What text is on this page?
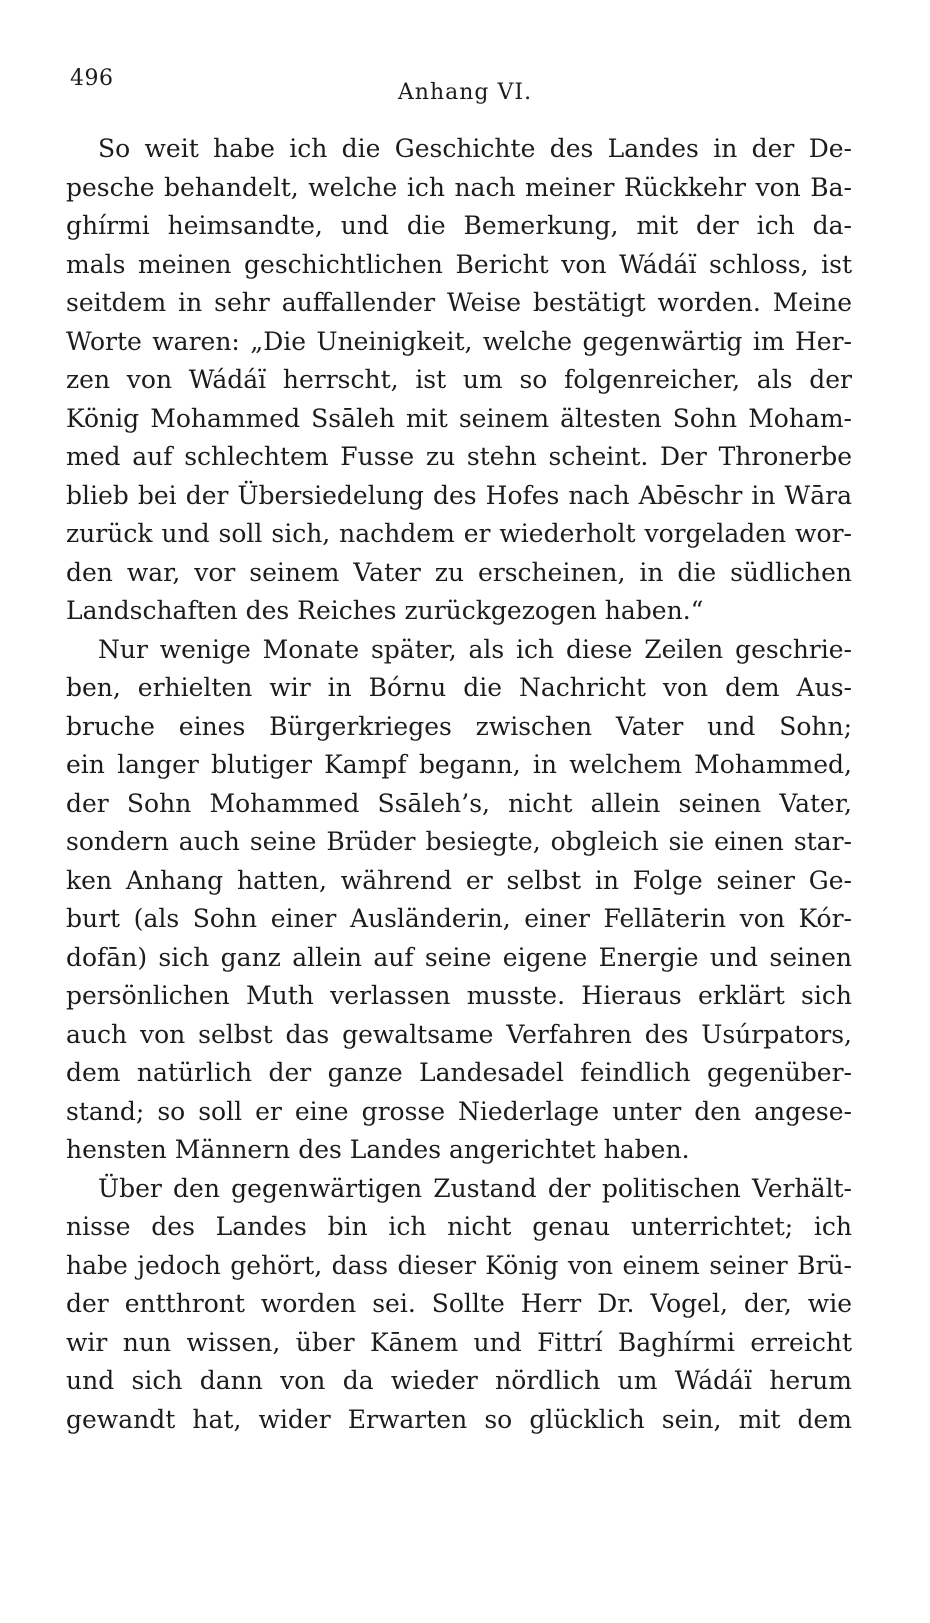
496
Anhang VI.
So weit habe ich die Geschichte des Landes in der De-
pesche behandelt, welche ich nach meiner Rückkehr von Ba-
ghírmi heimsandte, und die Bemerkung, mit der ich da-
mals meinen geschichtlichen Bericht von Wádáï schloss, ist
seitdem in sehr auffallender Weise bestätigt worden. Meine
Worte waren: „Die Uneinigkeit, welche gegenwärtig im Her-
zen von Wádáï herrscht, ist um so folgenreicher, als der
König Mohammed Ssāleh mit seinem ältesten Sohn Moham-
med auf schlechtem Fusse zu stehn scheint. Der Thronerbe
blieb bei der Übersiedelung des Hofes nach Abēschr in Wāra
zurück und soll sich, nachdem er wiederholt vorgeladen wor-
den war, vor seinem Vater zu erscheinen, in die südlichen
Landschaften des Reiches zurückgezogen haben.“
Nur wenige Monate später, als ich diese Zeilen geschrie-
ben, erhielten wir in Bórnu die Nachricht von dem Aus-
bruche eines Bürgerkrieges zwischen Vater und Sohn;
ein langer blutiger Kampf begann, in welchem Mohammed,
der Sohn Mohammed Ssāleh’s, nicht allein seinen Vater,
sondern auch seine Brüder besiegte, obgleich sie einen star-
ken Anhang hatten, während er selbst in Folge seiner Ge-
burt (als Sohn einer Ausländerin, einer Fellāterin von Kór-
dofān) sich ganz allein auf seine eigene Energie und seinen
persönlichen Muth verlassen musste. Hieraus erklärt sich
auch von selbst das gewaltsame Verfahren des Usúrpators,
dem natürlich der ganze Landesadel feindlich gegenüber-
stand; so soll er eine grosse Niederlage unter den angese-
hensten Männern des Landes angerichtet haben.
Über den gegenwärtigen Zustand der politischen Verhält-
nisse des Landes bin ich nicht genau unterrichtet; ich
habe jedoch gehört, dass dieser König von einem seiner Brü-
der entthront worden sei. Sollte Herr Dr. Vogel, der, wie
wir nun wissen, über Kānem und Fittrí Baghírmi erreicht
und sich dann von da wieder nördlich um Wádáï herum
gewandt hat, wider Erwarten so glücklich sein, mit dem
